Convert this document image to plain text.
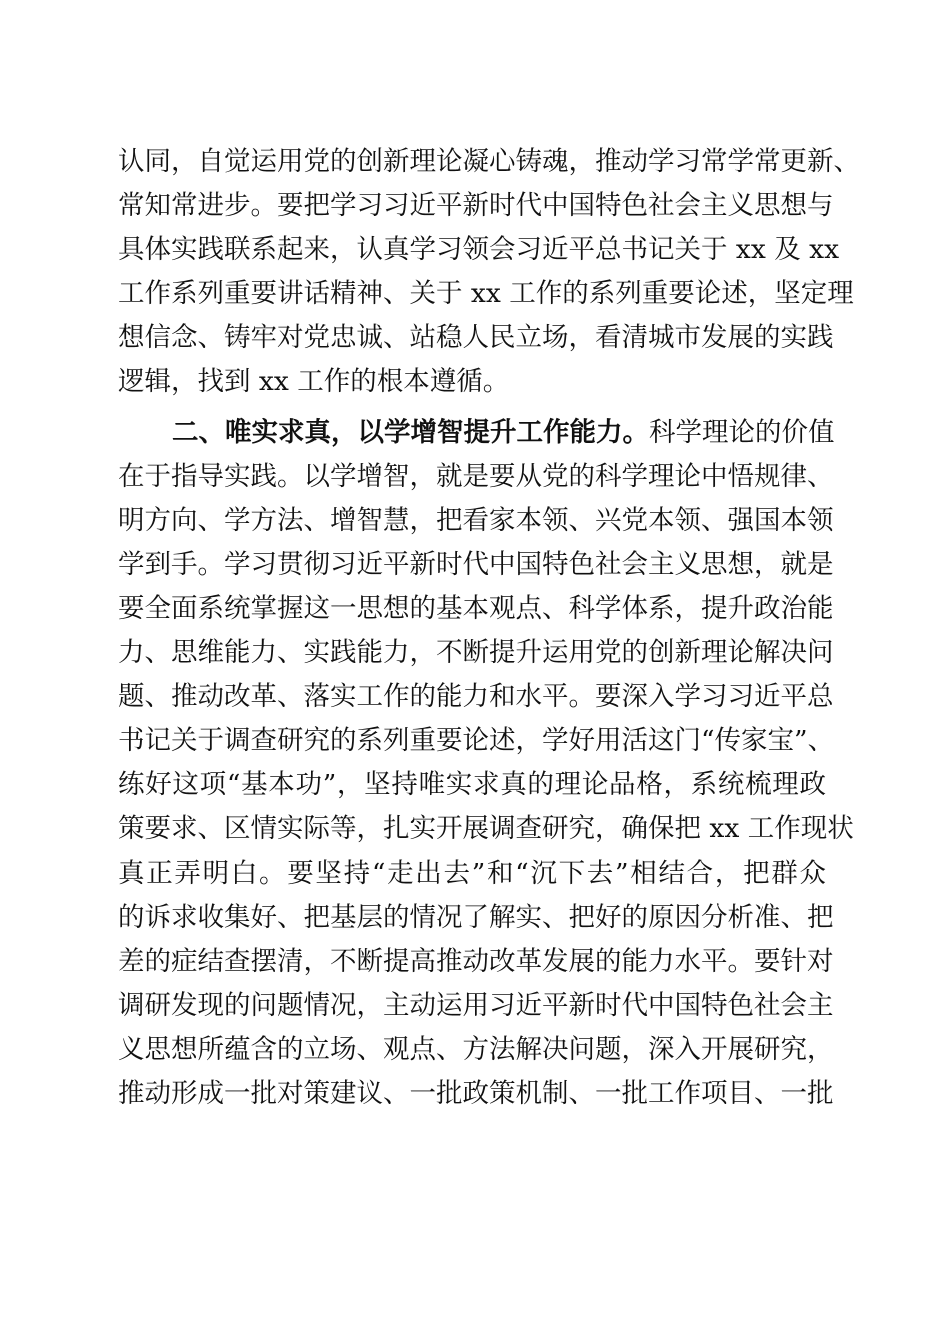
认同，自觉运用党的创新理论凝心铸魂，推动学习常学常更新、
常知常进步。要把学习习近平新时代中国特色社会主义思想与
具体实践联系起来，认真学习领会习近平总书记关于 xx 及 xx
工作系列重要讲话精神、关于 xx 工作的系列重要论述，坚定理
想信念、铸牢对党忠诚、站稳人民立场，看清城市发展的实践
逻辑，找到 xx 工作的根本遵循。
二、唯实求真，以学增智提升工作能力。科学理论的价值
在于指导实践。以学增智，就是要从党的科学理论中悟规律、
明方向、学方法、增智慧，把看家本领、兴党本领、强国本领
学到手。学习贯彻习近平新时代中国特色社会主义思想，就是
要全面系统掌握这一思想的基本观点、科学体系，提升政治能
力、思维能力、实践能力，不断提升运用党的创新理论解决问
题、推动改革、落实工作的能力和水平。要深入学习习近平总
书记关于调查研究的系列重要论述，学好用活这门“传家宝”、
练好这项“基本功”，坚持唯实求真的理论品格，系统梳理政
策要求、区情实际等，扎实开展调查研究，确保把 xx 工作现状
真正弄明白。要坚持“走出去”和“沉下去”相结合，把群众
的诉求收集好、把基层的情况了解实、把好的原因分析准、把
差的症结查摆清，不断提高推动改革发展的能力水平。要针对
调研发现的问题情况，主动运用习近平新时代中国特色社会主
义思想所蕴含的立场、观点、方法解决问题，深入开展研究，
推动形成一批对策建议、一批政策机制、一批工作项目、一批
